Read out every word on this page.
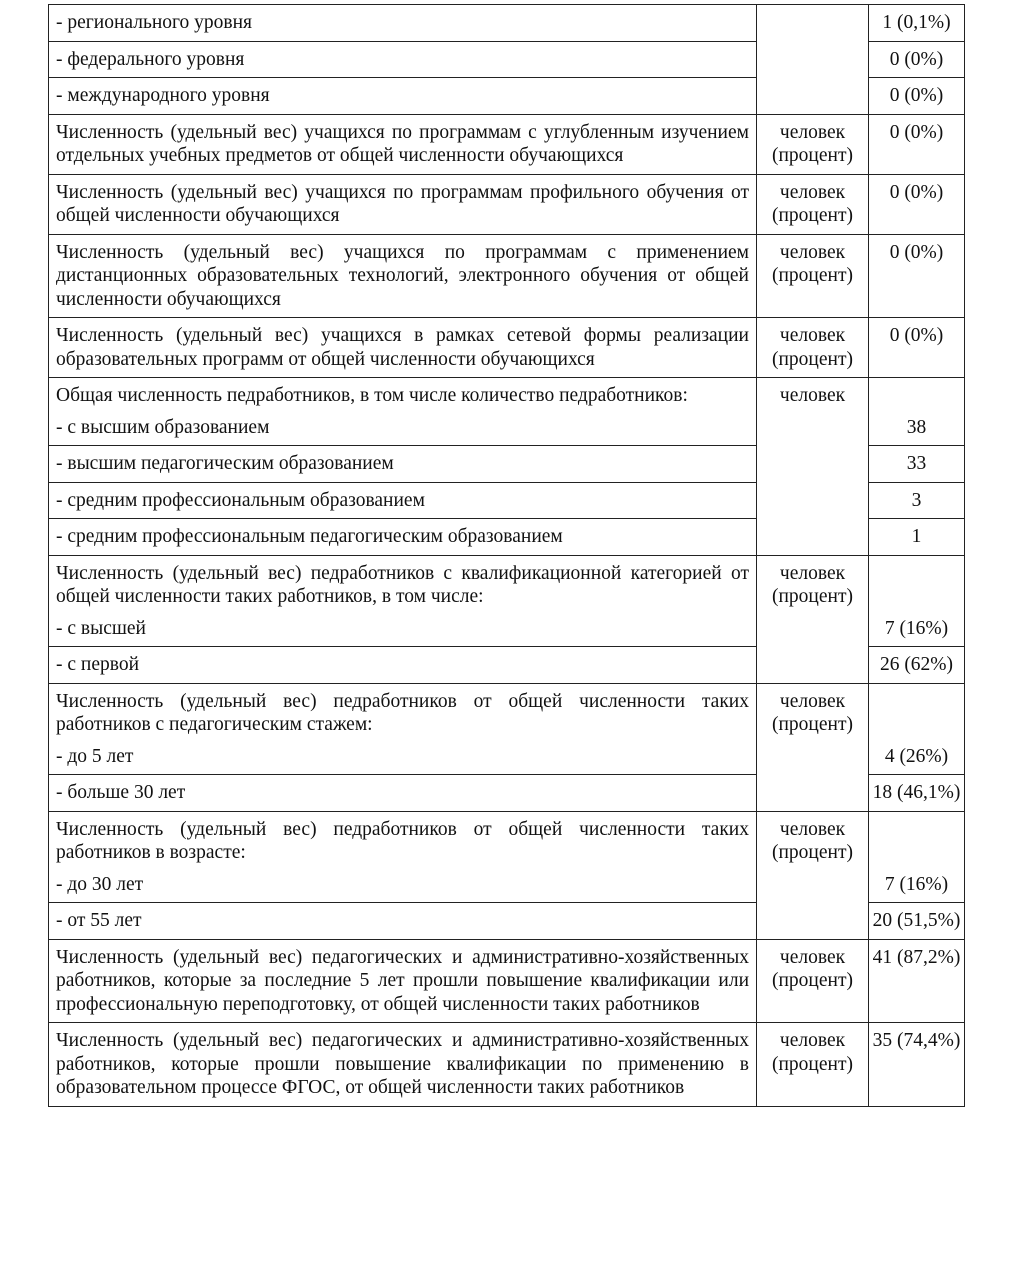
- регионального уровня		1 (0,1%)
- федерального уровня		0 (0%)
- международного уровня		0 (0%)
Численность (удельный вес) учащихся по программам с углубленным изучением отдельных учебных предметов от общей численности обучающихся	человек (процент)	0 (0%)
Численность (удельный вес) учащихся по программам профильного обучения от общей численности обучающихся	человек (процент)	0 (0%)
Численность (удельный вес) учащихся по программам с применением дистанционных образовательных технологий, электронного обучения от общей численности обучающихся	человек (процент)	0 (0%)
Численность (удельный вес) учащихся в рамках сетевой формы реализации образовательных программ от общей численности обучающихся	человек (процент)	0 (0%)

Общая численность педработников, в том числе количество педработников:
- с высшим образованием	человек	38

- высшим педагогическим образованием		33
- средним профессиональным образованием		3
- средним профессиональным педагогическим образованием		1

Численность (удельный вес) педработников с квалификационной категорией от общей численности таких работников, в том числе:
- с высшей	человек (процент)	7 (16%)

- с первой		26 (62%)

Численность (удельный вес) педработников от общей численности таких работников с педагогическим стажем:
- до 5 лет	человек (процент)	4 (26%)

- больше 30 лет		18 (46,1%)

Численность (удельный вес) педработников от общей численности таких работников в возрасте:
- до 30 лет	человек (процент)	7 (16%)

- от 55 лет		20 (51,5%)
Численность (удельный вес) педагогических и административно-хозяйственных работников, которые за последние 5 лет прошли повышение квалификации или профессиональную переподготовку, от общей численности таких работников	человек (процент)	41 (87,2%)
Численность (удельный вес) педагогических и административно-хозяйственных работников, которые прошли повышение квалификации по применению в образовательном процессе ФГОС, от общей численности таких работников	человек (процент)	35 (74,4%)
